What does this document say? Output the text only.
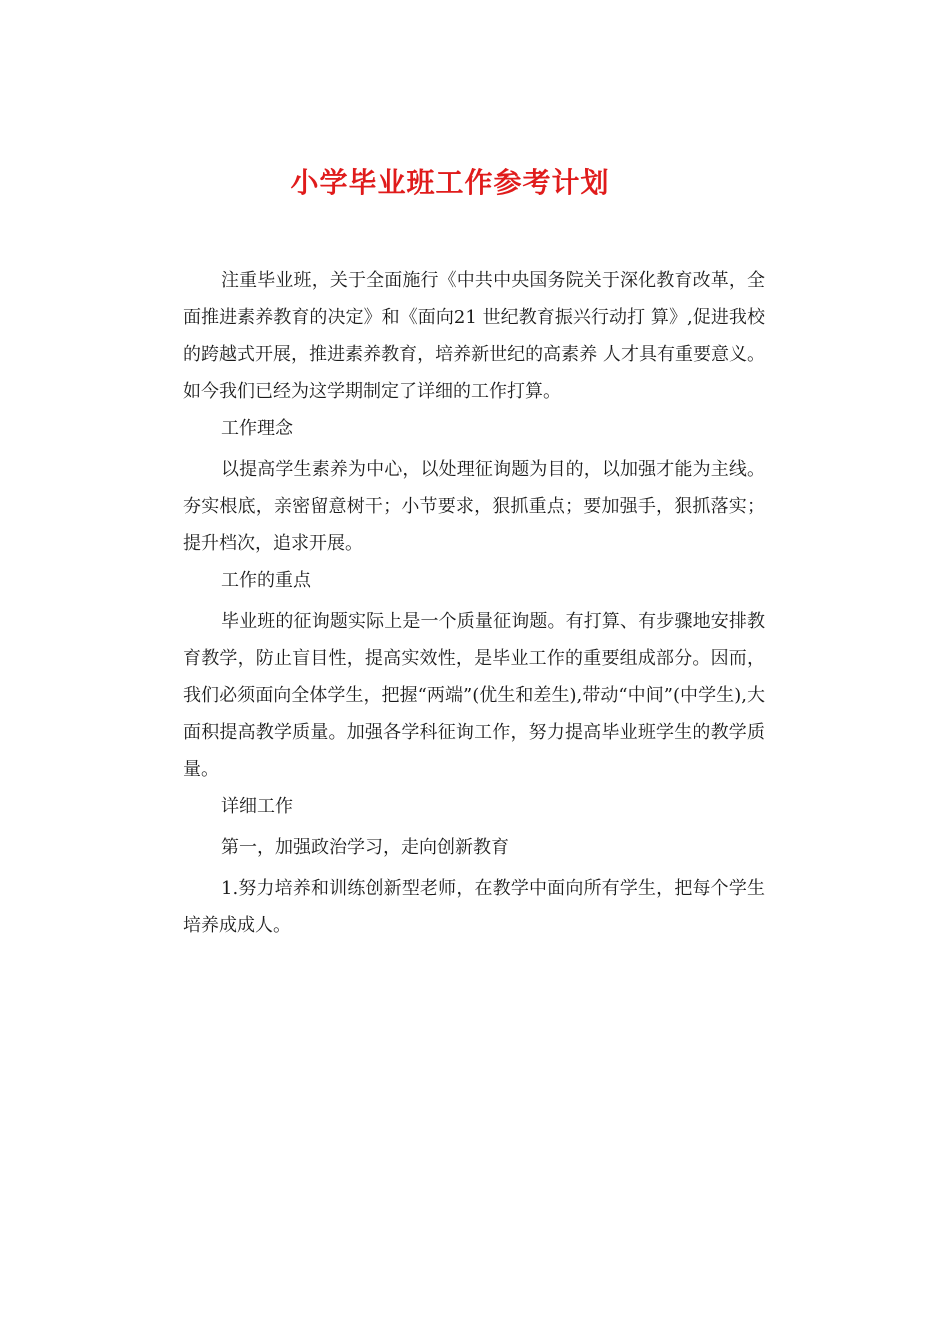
小学毕业班工作参考计划

注重毕业班，关于全面施行《中共中央国务院关于深化教育改革，全面推进素养教育的决定》和《面向21 世纪教育振兴行动打 算》,促进我校的跨越式开展，推进素养教育，培养新世纪的高素养 人才具有重要意义。如今我们已经为这学期制定了详细的工作打算。

工作理念

以提高学生素养为中心，以处理征询题为目的，以加强才能为主线。夯实根底，亲密留意树干；小节要求，狠抓重点；要加强手，狠抓落实；提升档次，追求开展。

工作的重点

毕业班的征询题实际上是一个质量征询题。有打算、有步骤地安排教育教学，防止盲目性，提高实效性，是毕业工作的重要组成部分。因而，我们必须面向全体学生，把握“两端”(优生和差生),带动“中间”(中学生),大面积提高教学质量。加强各学科征询工作，努力提高毕业班学生的教学质量。

详细工作

第一，加强政治学习，走向创新教育

1.努力培养和训练创新型老师，在教学中面向所有学生，把每个学生培养成成人。
